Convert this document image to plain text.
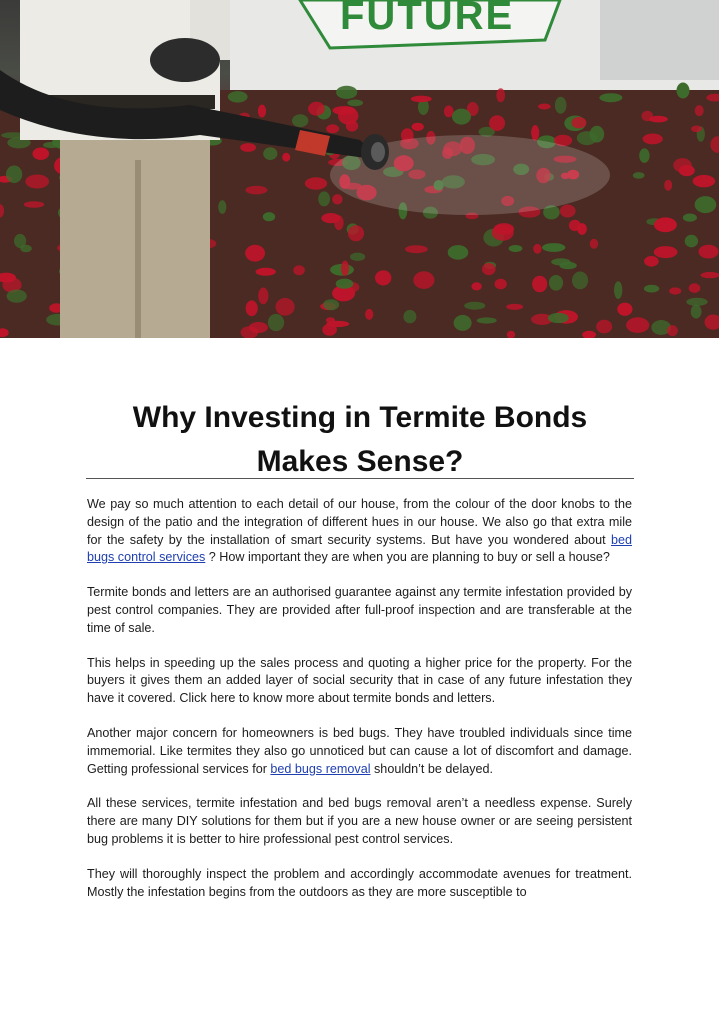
FUTURE
Why Investing in Termite Bonds
Makes Sense?

We pay so much attention to each detail of our house, from the colour of the door knobs to the design of the patio and the integration of different hues in our house. We also go that extra mile for the safety by the installation of smart security systems. But have you wondered about bed bugs control services ? How important they are when you are planning to buy or sell a house?

Termite bonds and letters are an authorised guarantee against any termite infestation provided by pest control companies. They are provided after full-proof inspection and are transferable at the time of sale.

This helps in speeding up the sales process and quoting a higher price for the property. For the buyers it gives them an added layer of social security that in case of any future infestation they have it covered. Click here to know more about termite bonds and letters.

Another major concern for homeowners is bed bugs. They have troubled individuals since time immemorial. Like termites they also go unnoticed but can cause a lot of discomfort and damage. Getting professional services for bed bugs removal shouldn’t be delayed.

All these services, termite infestation and bed bugs removal aren’t a needless expense. Surely there are many DIY solutions for them but if you are a new house owner or are seeing persistent bug problems it is better to hire professional pest control services.

They will thoroughly inspect the problem and accordingly accommodate avenues for treatment. Mostly the infestation begins from the outdoors as they are more susceptible to
